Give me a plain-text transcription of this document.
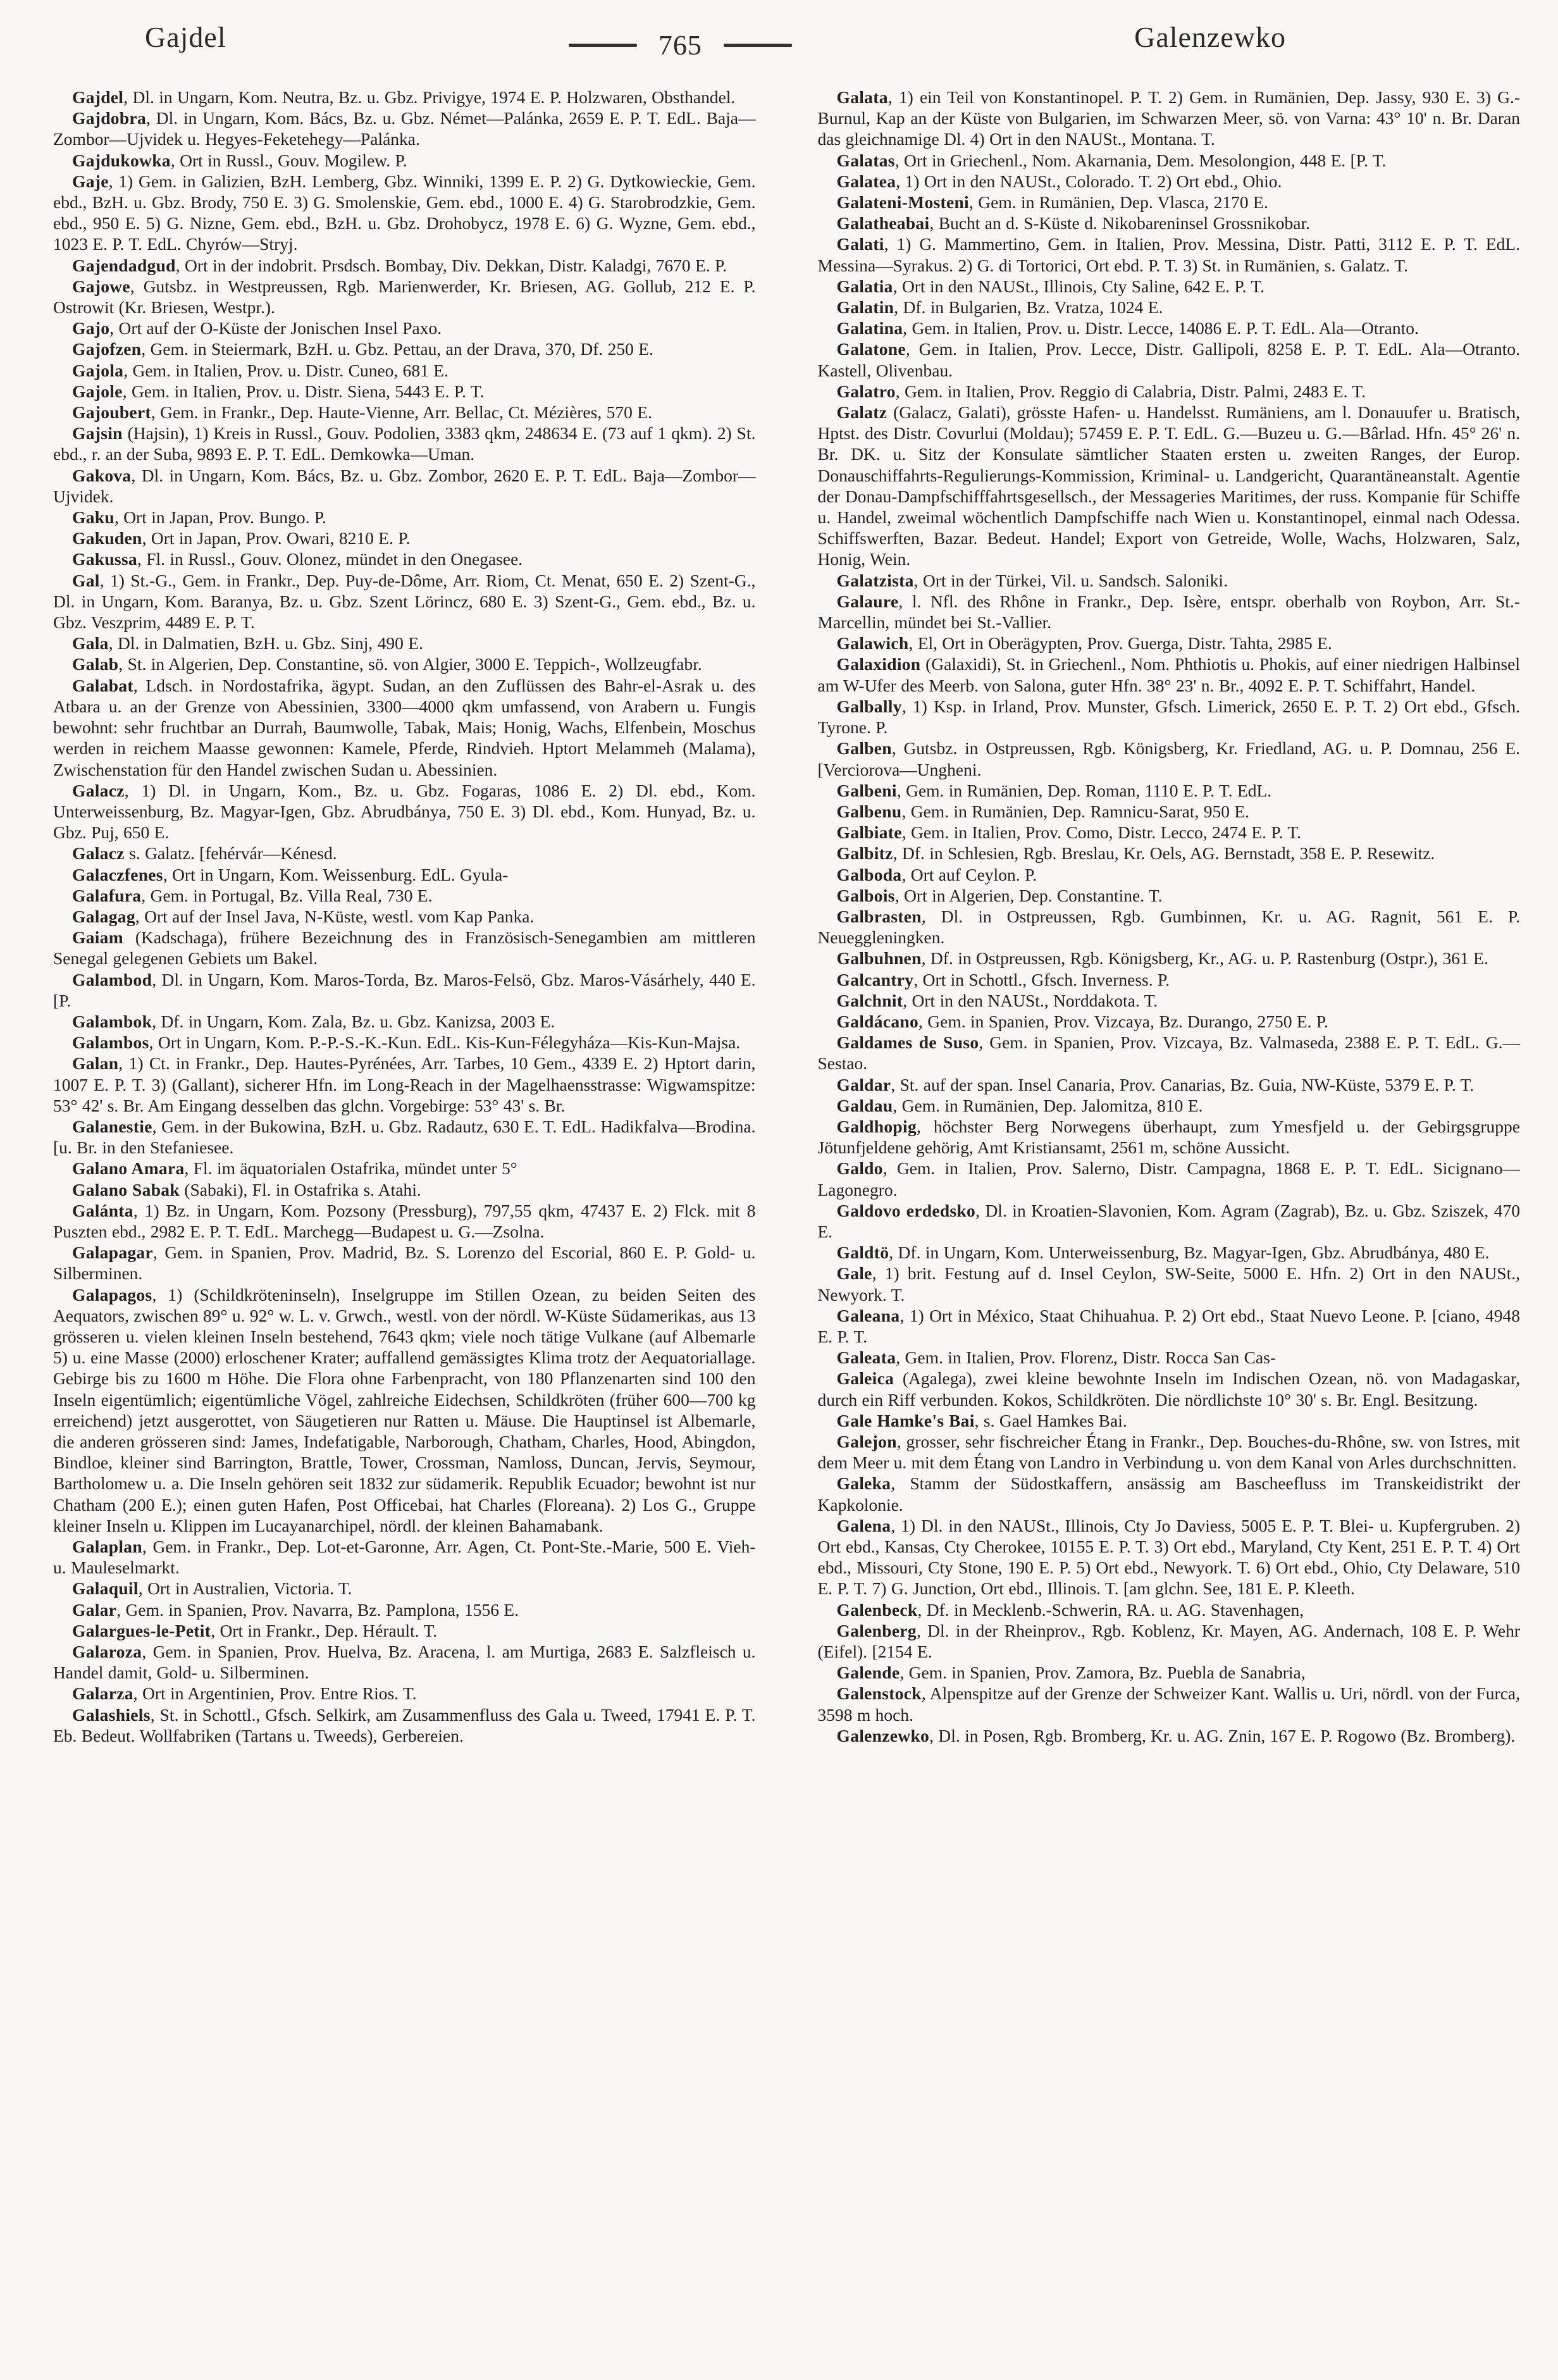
Gajdel	765	Galenzewko

Gajdel, Dl. in Ungarn, Kom. Neutra, Bz. u. Gbz. Privigye, 1974 E. P. Holzwaren, Obsthandel.

Gajdobra, Dl. in Ungarn, Kom. Bács, Bz. u. Gbz. Német—Palánka, 2659 E. P. T. EdL. Baja—Zombor—Ujvidek u. Hegyes-Feketehegy—Palánka.

Gajdukowka, Ort in Russl., Gouv. Mogilew. P.

Gaje, 1) Gem. in Galizien, BzH. Lemberg, Gbz. Winniki, 1399 E. P. 2) G. Dytkowieckie, Gem. ebd., BzH. u. Gbz. Brody, 750 E. 3) G. Smolenskie, Gem. ebd., 1000 E. 4) G. Starobrodzkie, Gem. ebd., 950 E. 5) G. Nizne, Gem. ebd., BzH. u. Gbz. Drohobycz, 1978 E. 6) G. Wyzne, Gem. ebd., 1023 E. P. T. EdL. Chyrów—Stryj.

Gajendadgud, Ort in der indobrit. Prsdsch. Bombay, Div. Dekkan, Distr. Kaladgi, 7670 E. P.

Gajowe, Gutsbz. in Westpreussen, Rgb. Marienwerder, Kr. Briesen, AG. Gollub, 212 E. P. Ostrowit (Kr. Briesen, Westpr.).

Gajo, Ort auf der O-Küste der Jonischen Insel Paxo.

Gajofzen, Gem. in Steiermark, BzH. u. Gbz. Pettau, an der Drava, 370, Df. 250 E.

Gajola, Gem. in Italien, Prov. u. Distr. Cuneo, 681 E.

Gajole, Gem. in Italien, Prov. u. Distr. Siena, 5443 E. P. T.

Gajoubert, Gem. in Frankr., Dep. Haute-Vienne, Arr. Bellac, Ct. Mézières, 570 E.

Gajsin (Hajsin), 1) Kreis in Russl., Gouv. Podolien, 3383 qkm, 248634 E. (73 auf 1 qkm). 2) St. ebd., r. an der Suba, 9893 E. P. T. EdL. Demkowka—Uman.

Gakova, Dl. in Ungarn, Kom. Bács, Bz. u. Gbz. Zombor, 2620 E. P. T. EdL. Baja—Zombor—Ujvidek.

Gaku, Ort in Japan, Prov. Bungo. P.

Gakuden, Ort in Japan, Prov. Owari, 8210 E. P.

Gakussa, Fl. in Russl., Gouv. Olonez, mündet in den Onegasee.

Gal, 1) St.-G., Gem. in Frankr., Dep. Puy-de-Dôme, Arr. Riom, Ct. Menat, 650 E. 2) Szent-G., Dl. in Ungarn, Kom. Baranya, Bz. u. Gbz. Szent Lörincz, 680 E. 3) Szent-G., Gem. ebd., Bz. u. Gbz. Veszprim, 4489 E. P. T.

Gala, Dl. in Dalmatien, BzH. u. Gbz. Sinj, 490 E.

Galab, St. in Algerien, Dep. Constantine, sö. von Algier, 3000 E. Teppich-, Wollzeugfabr.

Galabat, Ldsch. in Nordostafrika, ägypt. Sudan, an den Zuflüssen des Bahr-el-Asrak u. des Atbara u. an der Grenze von Abessinien, 3300—4000 qkm umfassend, von Arabern u. Fungis bewohnt: sehr fruchtbar an Durrah, Baumwolle, Tabak, Mais; Honig, Wachs, Elfenbein, Moschus werden in reichem Maasse gewonnen: Kamele, Pferde, Rindvieh. Hptort Melammeh (Malama), Zwischenstation für den Handel zwischen Sudan u. Abessinien.

Galacz, 1) Dl. in Ungarn, Kom., Bz. u. Gbz. Fogaras, 1086 E. 2) Dl. ebd., Kom. Unterweissenburg, Bz. Magyar-Igen, Gbz. Abrudbánya, 750 E. 3) Dl. ebd., Kom. Hunyad, Bz. u. Gbz. Puj, 650 E.

Galacz s. Galatz. [fehérvár—Kénesd.

Galaczfenes, Ort in Ungarn, Kom. Weissenburg. EdL. Gyula-

Galafura, Gem. in Portugal, Bz. Villa Real, 730 E.

Galagag, Ort auf der Insel Java, N-Küste, westl. vom Kap Panka.

Gaiam (Kadschaga), frühere Bezeichnung des in Französisch-Senegambien am mittleren Senegal gelegenen Gebiets um Bakel.

Galambod, Dl. in Ungarn, Kom. Maros-Torda, Bz. Maros-Felsö, Gbz. Maros-Vásárhely, 440 E. [P.

Galambok, Df. in Ungarn, Kom. Zala, Bz. u. Gbz. Kanizsa, 2003 E.

Galambos, Ort in Ungarn, Kom. P.-P.-S.-K.-Kun. EdL. Kis-Kun-Félegyháza—Kis-Kun-Majsa.

Galan, 1) Ct. in Frankr., Dep. Hautes-Pyrénées, Arr. Tarbes, 10 Gem., 4339 E. 2) Hptort darin, 1007 E. P. T. 3) (Gallant), sicherer Hfn. im Long-Reach in der Magelhaensstrasse: Wigwamspitze: 53° 42' s. Br. Am Eingang desselben das glchn. Vorgebirge: 53° 43' s. Br.

Galanestie, Gem. in der Bukowina, BzH. u. Gbz. Radautz, 630 E. T. EdL. Hadikfalva—Brodina. [u. Br. in den Stefaniesee.

Galano Amara, Fl. im äquatorialen Ostafrika, mündet unter 5°

Galano Sabak (Sabaki), Fl. in Ostafrika s. Atahi.

Galánta, 1) Bz. in Ungarn, Kom. Pozsony (Pressburg), 797,55 qkm, 47437 E. 2) Flck. mit 8 Puszten ebd., 2982 E. P. T. EdL. Marchegg—Budapest u. G.—Zsolna.

Galapagar, Gem. in Spanien, Prov. Madrid, Bz. S. Lorenzo del Escorial, 860 E. P. Gold- u. Silberminen.

Galapagos, 1) (Schildkröteninseln), Inselgruppe im Stillen Ozean, zu beiden Seiten des Aequators, zwischen 89° u. 92° w. L. v. Grwch., westl. von der nördl. W-Küste Südamerikas, aus 13 grösseren u. vielen kleinen Inseln bestehend, 7643 qkm; viele noch tätige Vulkane (auf Albemarle 5) u. eine Masse (2000) erloschener Krater; auffallend gemässigtes Klima trotz der Aequatoriallage. Gebirge bis zu 1600 m Höhe. Die Flora ohne Farbenpracht, von 180 Pflanzenarten sind 100 den Inseln eigentümlich; eigentümliche Vögel, zahlreiche Eidechsen, Schildkröten (früher 600—700 kg erreichend) jetzt ausgerottet, von Säugetieren nur Ratten u. Mäuse. Die Hauptinsel ist Albemarle, die anderen grösseren sind: James, Indefatigable, Narborough, Chatham, Charles, Hood, Abingdon, Bindloe, kleiner sind Barrington, Brattle, Tower, Crossman, Namloss, Duncan, Jervis, Seymour, Bartholomew u. a. Die Inseln gehören seit 1832 zur südamerik. Republik Ecuador; bewohnt ist nur Chatham (200 E.); einen guten Hafen, Post Officebai, hat Charles (Floreana). 2) Los G., Gruppe kleiner Inseln u. Klippen im Lucayanarchipel, nördl. der kleinen Bahamabank.

Galaplan, Gem. in Frankr., Dep. Lot-et-Garonne, Arr. Agen, Ct. Pont-Ste.-Marie, 500 E. Vieh- u. Mauleselmarkt.

Galaquil, Ort in Australien, Victoria. T.

Galar, Gem. in Spanien, Prov. Navarra, Bz. Pamplona, 1556 E.

Galargues-le-Petit, Ort in Frankr., Dep. Hérault. T.

Galaroza, Gem. in Spanien, Prov. Huelva, Bz. Aracena, l. am Murtiga, 2683 E. Salzfleisch u. Handel damit, Gold- u. Silberminen.

Galarza, Ort in Argentinien, Prov. Entre Rios. T.

Galashiels, St. in Schottl., Gfsch. Selkirk, am Zusammenfluss des Gala u. Tweed, 17941 E. P. T. Eb. Bedeut. Wollfabriken (Tartans u. Tweeds), Gerbereien.

Galata, 1) ein Teil von Konstantinopel. P. T. 2) Gem. in Rumänien, Dep. Jassy, 930 E. 3) G.-Burnul, Kap an der Küste von Bulgarien, im Schwarzen Meer, sö. von Varna: 43° 10' n. Br. Daran das gleichnamige Dl. 4) Ort in den NAUSt., Montana. T.

Galatas, Ort in Griechenl., Nom. Akarnania, Dem. Mesolongion, 448 E. [P. T.

Galatea, 1) Ort in den NAUSt., Colorado. T. 2) Ort ebd., Ohio.

Galateni-Mosteni, Gem. in Rumänien, Dep. Vlasca, 2170 E.

Galatheabai, Bucht an d. S-Küste d. Nikobareninsel Grossnikobar.

Galati, 1) G. Mammertino, Gem. in Italien, Prov. Messina, Distr. Patti, 3112 E. P. T. EdL. Messina—Syrakus. 2) G. di Tortorici, Ort ebd. P. T. 3) St. in Rumänien, s. Galatz. T.

Galatia, Ort in den NAUSt., Illinois, Cty Saline, 642 E. P. T.

Galatin, Df. in Bulgarien, Bz. Vratza, 1024 E.

Galatina, Gem. in Italien, Prov. u. Distr. Lecce, 14086 E. P. T. EdL. Ala—Otranto.

Galatone, Gem. in Italien, Prov. Lecce, Distr. Gallipoli, 8258 E. P. T. EdL. Ala—Otranto. Kastell, Olivenbau.

Galatro, Gem. in Italien, Prov. Reggio di Calabria, Distr. Palmi, 2483 E. T.

Galatz (Galacz, Galati), grösste Hafen- u. Handelsst. Rumäniens, am l. Donauufer u. Bratisch, Hptst. des Distr. Covurlui (Moldau); 57459 E. P. T. EdL. G.—Buzeu u. G.—Bârlad. Hfn. 45° 26' n. Br. DK. u. Sitz der Konsulate sämtlicher Staaten ersten u. zweiten Ranges, der Europ. Donauschiffahrts-Regulierungs-Kommission, Kriminal- u. Landgericht, Quarantäneanstalt. Agentie der Donau-Dampfschifffahrtsgesellsch., der Messageries Maritimes, der russ. Kompanie für Schiffe u. Handel, zweimal wöchentlich Dampfschiffe nach Wien u. Konstantinopel, einmal nach Odessa. Schiffswerften, Bazar. Bedeut. Handel; Export von Getreide, Wolle, Wachs, Holzwaren, Salz, Honig, Wein.

Galatzista, Ort in der Türkei, Vil. u. Sandsch. Saloniki.

Galaure, l. Nfl. des Rhône in Frankr., Dep. Isère, entspr. oberhalb von Roybon, Arr. St.-Marcellin, mündet bei St.-Vallier.

Galawich, El, Ort in Oberägypten, Prov. Guerga, Distr. Tahta, 2985 E.

Galaxidion (Galaxidi), St. in Griechenl., Nom. Phthiotis u. Phokis, auf einer niedrigen Halbinsel am W-Ufer des Meerb. von Salona, guter Hfn. 38° 23' n. Br., 4092 E. P. T. Schiffahrt, Handel.

Galbally, 1) Ksp. in Irland, Prov. Munster, Gfsch. Limerick, 2650 E. P. T. 2) Ort ebd., Gfsch. Tyrone. P.

Galben, Gutsbz. in Ostpreussen, Rgb. Königsberg, Kr. Friedland, AG. u. P. Domnau, 256 E. [Verciorova—Ungheni.

Galbeni, Gem. in Rumänien, Dep. Roman, 1110 E. P. T. EdL.

Galbenu, Gem. in Rumänien, Dep. Ramnicu-Sarat, 950 E.

Galbiate, Gem. in Italien, Prov. Como, Distr. Lecco, 2474 E. P. T.

Galbitz, Df. in Schlesien, Rgb. Breslau, Kr. Oels, AG. Bernstadt, 358 E. P. Resewitz.

Galboda, Ort auf Ceylon. P.

Galbois, Ort in Algerien, Dep. Constantine. T.

Galbrasten, Dl. in Ostpreussen, Rgb. Gumbinnen, Kr. u. AG. Ragnit, 561 E. P. Neueggleningken.

Galbuhnen, Df. in Ostpreussen, Rgb. Königsberg, Kr., AG. u. P. Rastenburg (Ostpr.), 361 E.

Galcantry, Ort in Schottl., Gfsch. Inverness. P.

Galchnit, Ort in den NAUSt., Norddakota. T.

Galdácano, Gem. in Spanien, Prov. Vizcaya, Bz. Durango, 2750 E. P.

Galdames de Suso, Gem. in Spanien, Prov. Vizcaya, Bz. Valmaseda, 2388 E. P. T. EdL. G.—Sestao.

Galdar, St. auf der span. Insel Canaria, Prov. Canarias, Bz. Guia, NW-Küste, 5379 E. P. T.

Galdau, Gem. in Rumänien, Dep. Jalomitza, 810 E.

Galdhopig, höchster Berg Norwegens überhaupt, zum Ymesfjeld u. der Gebirgsgruppe Jötunfjeldene gehörig, Amt Kristiansamt, 2561 m, schöne Aussicht.

Galdo, Gem. in Italien, Prov. Salerno, Distr. Campagna, 1868 E. P. T. EdL. Sicignano—Lagonegro.

Galdovo erdedsko, Dl. in Kroatien-Slavonien, Kom. Agram (Zagrab), Bz. u. Gbz. Sziszek, 470 E.

Galdtö, Df. in Ungarn, Kom. Unterweissenburg, Bz. Magyar-Igen, Gbz. Abrudbánya, 480 E.

Gale, 1) brit. Festung auf d. Insel Ceylon, SW-Seite, 5000 E. Hfn. 2) Ort in den NAUSt., Newyork. T.

Galeana, 1) Ort in México, Staat Chihuahua. P. 2) Ort ebd., Staat Nuevo Leone. P. [ciano, 4948 E. P. T.

Galeata, Gem. in Italien, Prov. Florenz, Distr. Rocca San Cas-

Galeica (Agalega), zwei kleine bewohnte Inseln im Indischen Ozean, nö. von Madagaskar, durch ein Riff verbunden. Kokos, Schildkröten. Die nördlichste 10° 30' s. Br. Engl. Besitzung.

Gale Hamke's Bai, s. Gael Hamkes Bai.

Galejon, grosser, sehr fischreicher Étang in Frankr., Dep. Bouches-du-Rhône, sw. von Istres, mit dem Meer u. mit dem Étang von Landro in Verbindung u. von dem Kanal von Arles durchschnitten.

Galeka, Stamm der Südostkaffern, ansässig am Bascheefluss im Transkeidistrikt der Kapkolonie.

Galena, 1) Dl. in den NAUSt., Illinois, Cty Jo Daviess, 5005 E. P. T. Blei- u. Kupfergruben. 2) Ort ebd., Kansas, Cty Cherokee, 10155 E. P. T. 3) Ort ebd., Maryland, Cty Kent, 251 E. P. T. 4) Ort ebd., Missouri, Cty Stone, 190 E. P. 5) Ort ebd., Newyork. T. 6) Ort ebd., Ohio, Cty Delaware, 510 E. P. T. 7) G. Junction, Ort ebd., Illinois. T. [am glchn. See, 181 E. P. Kleeth.

Galenbeck, Df. in Mecklenb.-Schwerin, RA. u. AG. Stavenhagen,

Galenberg, Dl. in der Rheinprov., Rgb. Koblenz, Kr. Mayen, AG. Andernach, 108 E. P. Wehr (Eifel). [2154 E.

Galende, Gem. in Spanien, Prov. Zamora, Bz. Puebla de Sanabria,

Galenstock, Alpenspitze auf der Grenze der Schweizer Kant. Wallis u. Uri, nördl. von der Furca, 3598 m hoch.

Galenzewko, Dl. in Posen, Rgb. Bromberg, Kr. u. AG. Znin, 167 E. P. Rogowo (Bz. Bromberg).
